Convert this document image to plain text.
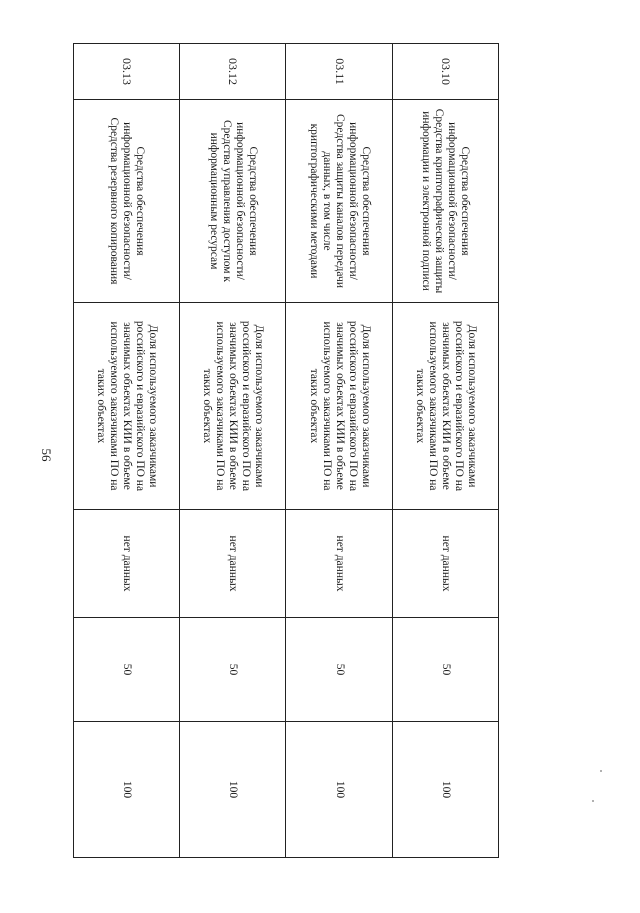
56
03.10	Средства обеспечения информационной безопасности/Средства криптографической защиты информации и электронной подписи	Доля используемого заказчиками российского и евразийского ПО на значимых объектах КИИ в объеме используемого заказчиками ПО на таких объектах	нет данных	50	100
03.11	Средства обеспечения информационной безопасности/Средства защиты каналов передачи данных, в том числе криптографическими методами	Доля используемого заказчиками российского и евразийского ПО на значимых объектах КИИ в объеме используемого заказчиками ПО на таких объектах	нет данных	50	100
03.12	Средства обеспечения информационной безопасности/ Средства управления доступом к информационным ресурсам	Доля используемого заказчиками российского и евразийского ПО на значимых объектах КИИ в объеме используемого заказчиками ПО на таких объектах	нет данных	50	100
03.13	Средства обеспечения информационной безопасности/Средства резервного копирования	Доля используемого заказчиками российского и евразийского ПО на значимых объектах КИИ в объеме используемого заказчиками ПО на таких объектах	нет данных	50	100
